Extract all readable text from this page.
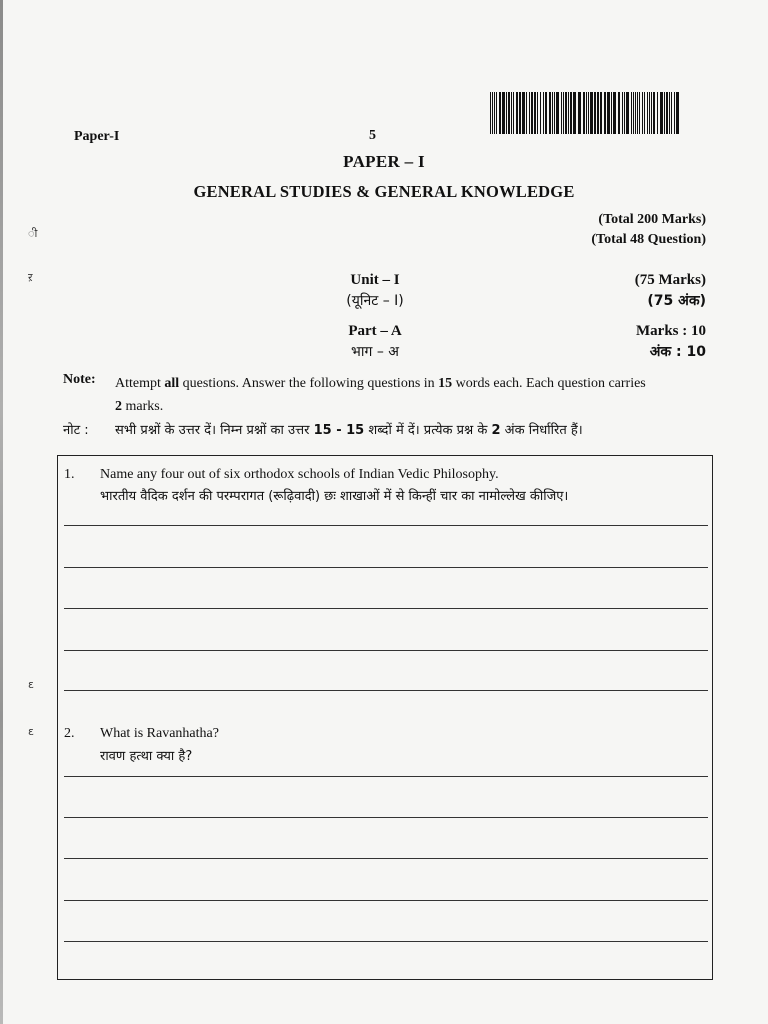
ी
ऱ
ε
ε
Paper-I	5
PAPER – I
GENERAL STUDIES & GENERAL KNOWLEDGE
(Total 200 Marks)
(Total 48 Question)
Unit – I
(यूनिट – I)
(75 Marks)
(75 अंक)
Part – A
भाग – अ
Marks : 10
अंक : 10
Note: Attempt all questions. Answer the following questions in 15 words each. Each question carries
2 marks.
नोट : सभी प्रश्नों के उत्तर दें। निम्न प्रश्नों का उत्तर 15 - 15 शब्दों में दें। प्रत्येक प्रश्न के 2 अंक निर्धारित हैं।
1. Name any four out of six orthodox schools of Indian Vedic Philosophy.
भारतीय वैदिक दर्शन की परम्परागत (रूढ़िवादी) छः शाखाओं में से किन्हीं चार का नामोल्लेख कीजिए।
2. What is Ravanhatha?
रावण हत्था क्या है?
